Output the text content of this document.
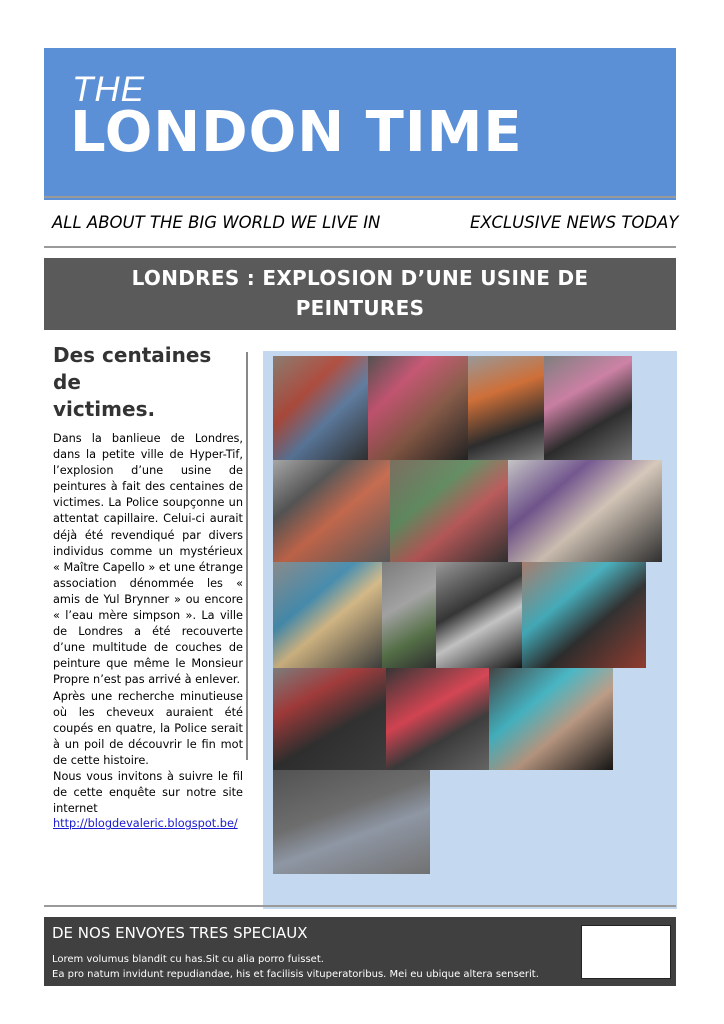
THE
LONDON TIME
ALL ABOUT THE BIG WORLD WE LIVE IN	EXCLUSIVE NEWS TODAY
LONDRES : EXPLOSION D’UNE USINE DE
PEINTURES
Des centaines de
victimes.

Dans la banlieue de Londres, dans la petite ville de Hyper-Tif, l’explosion d’une usine de peintures à fait des centaines de victimes. La Police soupçonne un attentat capillaire. Celui-ci aurait déjà été revendiqué par divers individus comme un mystérieux « Maître Capello » et une étrange association dénommée les « amis de Yul Brynner » ou encore « l’eau mère simpson ». La ville de Londres a été recouverte d’une multitude de couches de peinture que même le Monsieur Propre n’est pas arrivé à enlever.

Après une recherche minutieuse où les cheveux auraient été coupés en quatre, la Police serait à un poil de découvrir le fin mot de cette histoire.

Nous vous invitons à suivre le fil de cette enquête sur notre site internet

http://blogdevaleric.blogspot.be/
DE NOS ENVOYES TRES SPECIAUX
Lorem volumus blandit cu has.Sit cu alia porro fuisset.
Ea pro natum invidunt repudiandae, his et facilisis vituperatoribus. Mei eu ubique altera senserit.
